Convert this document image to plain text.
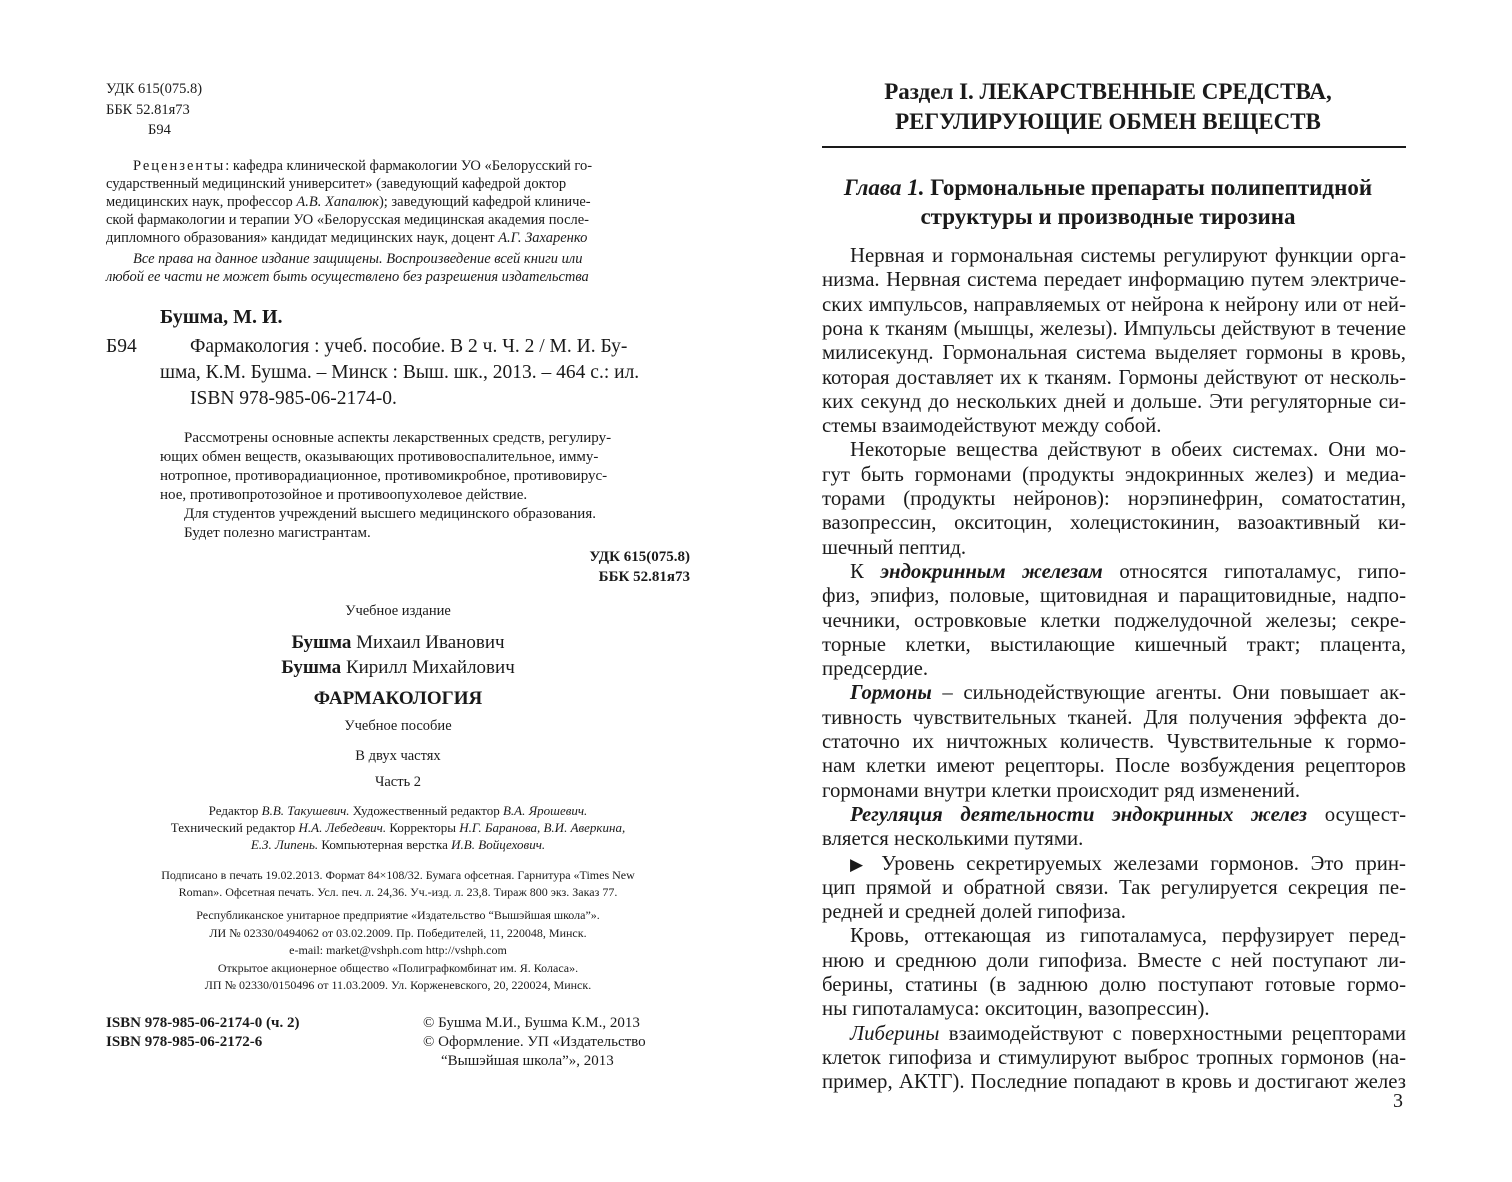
УДК 615(075.8)
ББК 52.81я73
Б94
Рецензенты: кафедра клинической фармакологии УО «Белорусский го-
сударственный медицинский университет» (заведующий кафедрой доктор
медицинских наук, профессор А.В. Хапалюк); заведующий кафедрой клиниче-
ской фармакологии и терапии УО «Белорусская медицинская академия после-
дипломного образования» кандидат медицинских наук, доцент А.Г. Захаренко
Все права на данное издание защищены. Воспроизведение всей книги или
любой ее части не может быть осуществлено без разрешения издательства
Бушма, М. И.
Б94	Фармакология : учеб. пособие. В 2 ч. Ч. 2 / М. И. Бу-
шма, К.М. Бушма. – Минск : Выш. шк., 2013. – 464 с.: ил.
ISBN 978-985-06-2174-0.
Рассмотрены основные аспекты лекарственных средств, регулиру-
ющих обмен веществ, оказывающих противовоспалительное, имму-
нотропное, противорадиационное, противомикробное, противовирус-
ное, противопротозойное и противоопухолевое действие.
Для студентов учреждений высшего медицинского образования.
Будет полезно магистрантам.
УДК 615(075.8)
ББК 52.81я73
Учебное издание
Бушма Михаил Иванович
Бушма Кирилл Михайлович
ФАРМАКОЛОГИЯ
Учебное пособие
В двух частях
Часть 2
Редактор В.В. Такушевич. Художественный редактор В.А. Ярошевич.
Технический редактор Н.А. Лебедевич. Корректоры Н.Г. Баранова, В.И. Аверкина,
Е.З. Липень. Компьютерная верстка И.В. Войцехович.
Подписано в печать 19.02.2013. Формат 84×108/32. Бумага офсетная. Гарнитура «Times New
Roman». Офсетная печать. Усл. печ. л. 24,36. Уч.-изд. л. 23,8. Тираж 800 экз. Заказ 77.
Республиканское унитарное предприятие «Издательство “Вышэйшая школа”».
ЛИ № 02330/0494062 от 03.02.2009. Пр. Победителей, 11, 220048, Минск.
e-mail: market@vshph.com http://vshph.com
Открытое акционерное общество «Полиграфкомбинат им. Я. Коласа».
ЛП № 02330/0150496 от 11.03.2009. Ул. Корженевского, 20, 220024, Минск.
ISBN 978-985-06-2174-0 (ч. 2)
ISBN 978-985-06-2172-6
© Бушма М.И., Бушма К.М., 2013
© Оформление. УП «Издательство
“Вышэйшая школа”», 2013
Раздел I. ЛЕКАРСТВЕННЫЕ СРЕДСТВА,
РЕГУЛИРУЮЩИЕ ОБМЕН ВЕЩЕСТВ
Глава 1. Гормональные препараты полипептидной
структуры и производные тирозина
Нервная и гормональная системы регулируют функции орга-
низма. Нервная система передает информацию путем электриче-
ских импульсов, направляемых от нейрона к нейрону или от ней-
рона к тканям (мышцы, железы). Импульсы действуют в течение
милисекунд. Гормональная система выделяет гормоны в кровь,
которая доставляет их к тканям. Гормоны действуют от несколь-
ких секунд до нескольких дней и дольше. Эти регуляторные си-
стемы взаимодействуют между собой.
Некоторые вещества действуют в обеих системах. Они мо-
гут быть гормонами (продукты эндокринных желез) и медиа-
торами (продукты нейронов): норэпинефрин, соматостатин,
вазопрессин, окситоцин, холецистокинин, вазоактивный ки-
шечный пептид.
К эндокринным железам относятся гипоталамус, гипо-
физ, эпифиз, половые, щитовидная и паращитовидные, надпо-
чечники, островковые клетки поджелудочной железы; секре-
торные клетки, выстилающие кишечный тракт; плацента,
предсердие.
Гормоны – сильнодействующие агенты. Они повышает ак-
тивность чувствительных тканей. Для получения эффекта до-
статочно их ничтожных количеств. Чувствительные к гормо-
нам клетки имеют рецепторы. После возбуждения рецепторов
гормонами внутри клетки происходит ряд изменений.
Регуляция деятельности эндокринных желез осущест-
вляется несколькими путями.
▶ Уровень секретируемых железами гормонов. Это прин-
цип прямой и обратной связи. Так регулируется секреция пе-
редней и средней долей гипофиза.
Кровь, оттекающая из гипоталамуса, перфузирует перед-
нюю и среднюю доли гипофиза. Вместе с ней поступают ли-
берины, статины (в заднюю долю поступают готовые гормо-
ны гипоталамуса: окситоцин, вазопрессин).
Либерины взаимодействуют с поверхностными рецепторами
клеток гипофиза и стимулируют выброс тропных гормонов (на-
пример, АКТГ). Последние попадают в кровь и достигают желез
3
